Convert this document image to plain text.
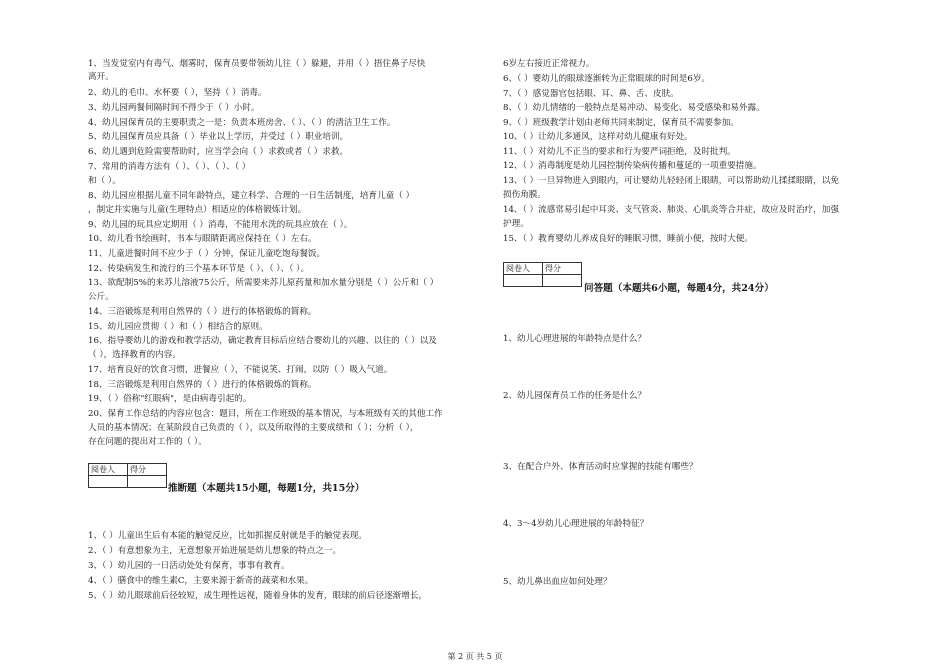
1、当发觉室内有毒气、烟雾时，保育员要带领幼儿往（ ）躲避，并用（ ）捂住鼻子尽快
离开。
2、幼儿的毛巾、水杯要（ ），坚持（ ）消毒。
3、幼儿园两餐间隔时间不得少于（ ）小时。
4、幼儿园保育员的主要职责之一是：负责本班房舍、（ ）、（ ）的清洁卫生工作。
5、幼儿园保育员应具备（ ）毕业以上学历，并受过（ ）职业培训。
6、幼儿遇到危险需要帮助时，应当学会向（ ）求救或者（ ）求救。
7、常用的消毒方法有（ ）、（ ）、（ ）、（ ）
和（ ）。
8、幼儿园应根据儿童不同年龄特点，建立科学、合理的一日生活制度，培育儿童（ ）
，制定并实施与儿童(生理特点）相适应的体格锻炼计划。
9、幼儿园的玩具应定期用（ ）消毒，不能用水洗的玩具应放在（ ）。
10、幼儿看书绘画时，书本与眼睛距离应保持在（ ）左右。
11、儿童进餐时间不应少于（ ）分钟，保证儿童吃饱每餐饭。
12、传染病发生和流行的三个基本环节是（ ）、（ ）、（ ）。
13、欲配制5%的来苏儿溶液75公斤，所需要来苏儿原药量和加水量分别是（ ）公斤和（ ）
公斤。
14、三浴锻炼是利用自然界的（ ）进行的体格锻炼的简称。
15、幼儿园应贯彻（ ）和（ ）相结合的原则。
16、指导婴幼儿的游戏和教学活动，确定教育目标后应结合婴幼儿的兴趣、以往的（ ）以及
（ ），选择教育的内容。
17、培育良好的饮食习惯，进餐应（ ），不能说笑、打闹，以防（ ）吸入气道。
18、三浴锻炼是利用自然界的（ ）进行的体格锻炼的简称。
19、（ ）俗称"红眼病"，是由病毒引起的。
20、保育工作总结的内容应包含：题目，所在工作班级的基本情况，与本班级有关的其他工作
人员的基本情况；在某阶段自己负责的（ ），以及所取得的主要成绩和（ ）；分析（ ），
存在问题的提出对工作的（ ）。
阅卷人	得分

推断题（本题共15小题，每题1分，共15分）
1、（ ）儿童出生后有本能的触觉反应，比如抓握反射就是手的触觉表现。
2、（ ）有意想象为主，无意想象开始进展是幼儿想象的特点之一。
3、（ ）幼儿园的一日活动处处有保育，事事有教育。
4、（ ）膳食中的维生素C，主要来源于新奇的蔬菜和水果。
5、（ ）幼儿眼球前后径较短，成生理性远视，随着身体的发育，眼球的前后径逐渐增长，
6岁左右接近正常视力。
6、（ ）婴幼儿的眼球逐渐转为正常眼球的时间是6岁。
7、（ ）感觉器官包括眼、耳、鼻、舌、皮肤。
8、（ ）幼儿情绪的一般特点是易冲动、易变化、易受感染和易外露。
9、（ ）班级教学计划由老师共同来制定，保育员不需要参加。
10、（ ）让幼儿多通风，这样对幼儿健康有好处。
11、（ ）对幼儿不正当的要求和行为要严词拒绝，及时批判。
12、（ ）消毒制度是幼儿园控制传染病传播和蔓延的一项重要措施。
13、（ ）一旦异物进入到眼内，可让婴幼儿轻轻闭上眼睛，可以帮助幼儿揉揉眼睛，以免
损伤角膜。
14、（ ）流感常易引起中耳炎、支气管炎、肺炎、心肌炎等合并症，故应及时治疗，加强
护理。
15、（ ）教育婴幼儿养成良好的睡眠习惯，睡前小便，按时大便。
阅卷人	得分

问答题（本题共6小题，每题4分，共24分）
1、幼儿心理进展的年龄特点是什么？
2、幼儿园保育员工作的任务是什么？
3、在配合户外、体育活动时应掌握的技能有哪些？
4、3～4岁幼儿心理进展的年龄特征？
5、幼儿鼻出血应如何处理？
第 2 页 共 5 页
